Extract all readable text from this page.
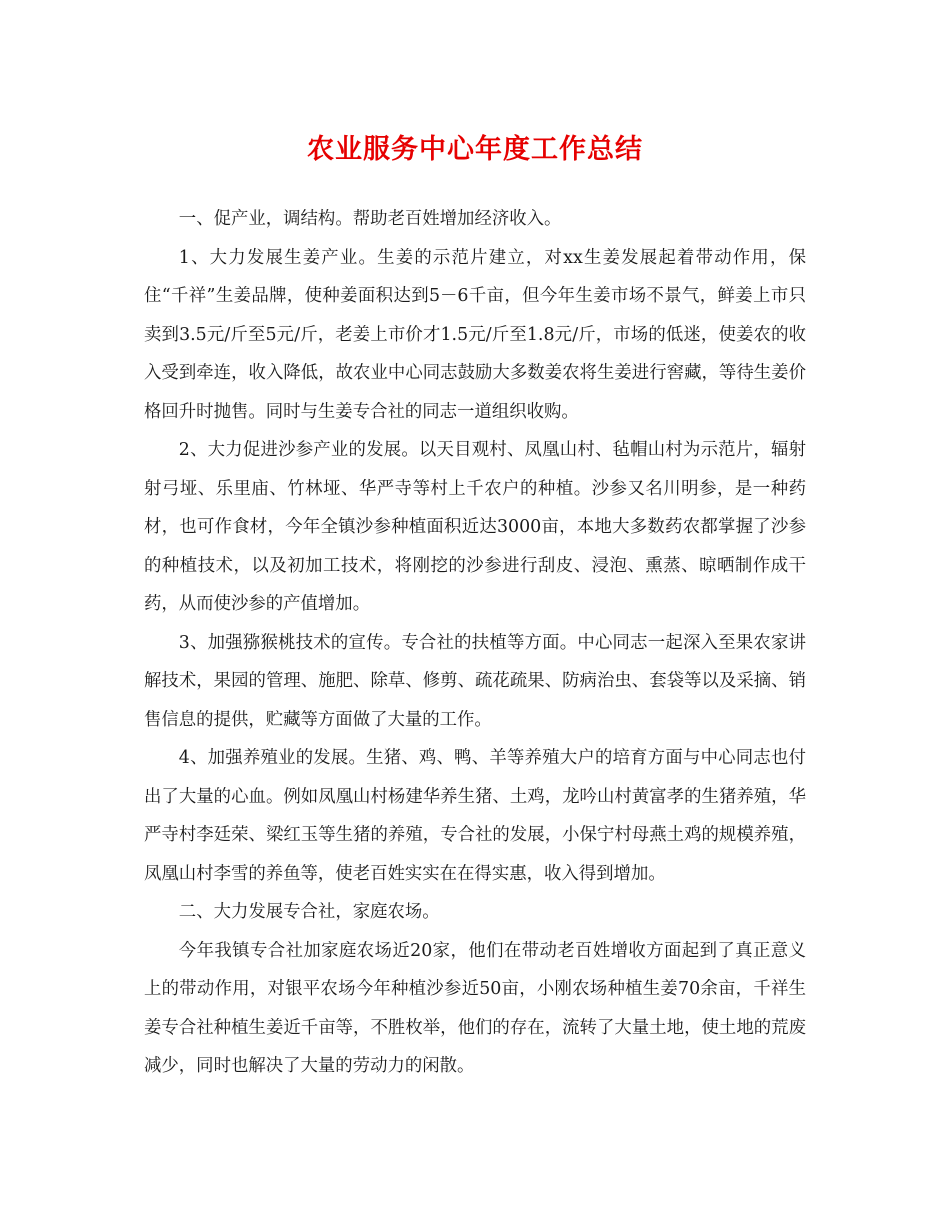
农业服务中心年度工作总结

一、促产业，调结构。帮助老百姓增加经济收入。

1、大力发展生姜产业。生姜的示范片建立，对xx生姜发展起着带动作用，保住“千祥”生姜品牌，使种姜面积达到5－6千亩，但今年生姜市场不景气，鲜姜上市只卖到3.5元/斤至5元/斤，老姜上市价才1.5元/斤至1.8元/斤，市场的低迷，使姜农的收入受到牵连，收入降低，故农业中心同志鼓励大多数姜农将生姜进行窖藏，等待生姜价格回升时抛售。同时与生姜专合社的同志一道组织收购。

2、大力促进沙参产业的发展。以天目观村、凤凰山村、毡帽山村为示范片，辐射射弓垭、乐里庙、竹林垭、华严寺等村上千农户的种植。沙参又名川明参，是一种药材，也可作食材，今年全镇沙参种植面积近达3000亩，本地大多数药农都掌握了沙参的种植技术，以及初加工技术，将刚挖的沙参进行刮皮、浸泡、熏蒸、晾晒制作成干药，从而使沙参的产值增加。

3、加强猕猴桃技术的宣传。专合社的扶植等方面。中心同志一起深入至果农家讲解技术，果园的管理、施肥、除草、修剪、疏花疏果、防病治虫、套袋等以及采摘、销售信息的提供，贮藏等方面做了大量的工作。

4、加强养殖业的发展。生猪、鸡、鸭、羊等养殖大户的培育方面与中心同志也付出了大量的心血。例如凤凰山村杨建华养生猪、土鸡，龙吟山村黄富孝的生猪养殖，华严寺村李廷荣、梁红玉等生猪的养殖，专合社的发展，小保宁村母燕土鸡的规模养殖，凤凰山村李雪的养鱼等，使老百姓实实在在得实惠，收入得到增加。

二、大力发展专合社，家庭农场。

今年我镇专合社加家庭农场近20家，他们在带动老百姓增收方面起到了真正意义上的带动作用，对银平农场今年种植沙参近50亩，小刚农场种植生姜70余亩，千祥生姜专合社种植生姜近千亩等，不胜枚举，他们的存在，流转了大量土地，使土地的荒废减少，同时也解决了大量的劳动力的闲散。
